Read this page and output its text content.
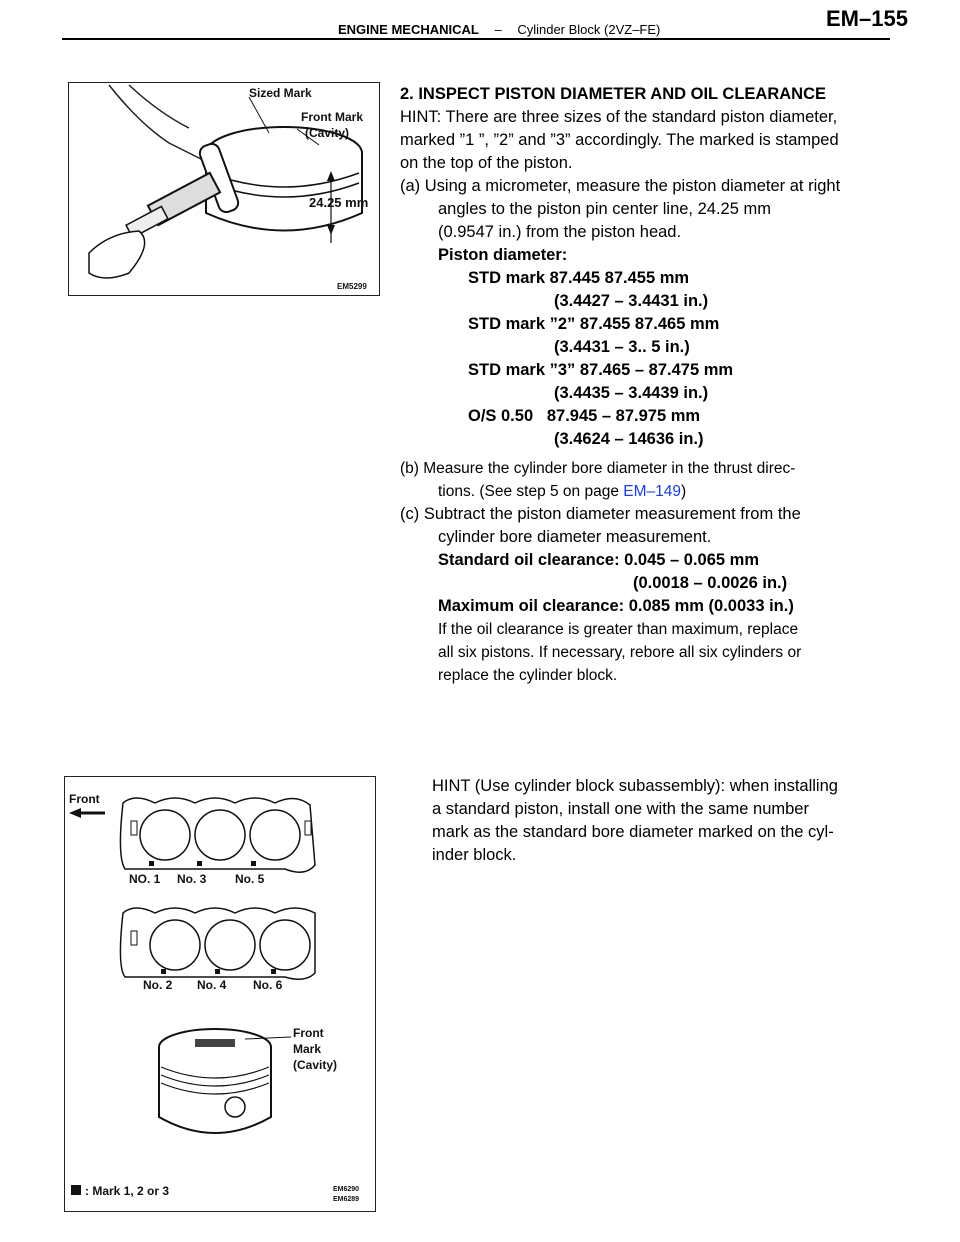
ENGINE MECHANICAL – Cylinder Block (2VZ–FE)	EM–155
Sized Mark
Front Mark
(Cavity)
24.25 mm
EM5299
Front
NO. 1 No. 3 No. 5
No. 2 No. 4 No. 6
Front
Mark
(Cavity)
: Mark 1, 2 or 3	EM6290
EM6289

2. INSPECT PISTON DIAMETER AND OIL CLEARANCE

HINT: There are three sizes of the standard piston diameter,

marked ”1 ”, ”2” and ”3” accordingly. The marked is stamped

on the top of the piston.

(a) Using a micrometer, measure the piston diameter at right

angles to the piston pin center line, 24.25 mm

(0.9547 in.) from the piston head.

Piston diameter:

STD mark 87.445 87.455 mm

(3.4427 – 3.4431 in.)

STD mark ”2” 87.455 87.465 mm

(3.4431 – 3.. 5 in.)

STD mark ”3” 87.465 – 87.475 mm

(3.4435 – 3.4439 in.)

O/S 0.50   87.945 – 87.975 mm

(3.4624 – 14636 in.)

(b) Measure the cylinder bore diameter in the thrust direc-

tions. (See step 5 on page EM–149)

(c) Subtract the piston diameter measurement from the

cylinder bore diameter measurement.

Standard oil clearance: 0.045 – 0.065 mm

(0.0018 – 0.0026 in.)

Maximum oil clearance: 0.085 mm (0.0033 in.)

If the oil clearance is greater than maximum, replace

all six pistons. If necessary, rebore all six cylinders or

replace the cylinder block.

HINT (Use cylinder block subassembly): when installing

a standard piston, install one with the same number

mark as the standard bore diameter marked on the cyl-

inder block.
